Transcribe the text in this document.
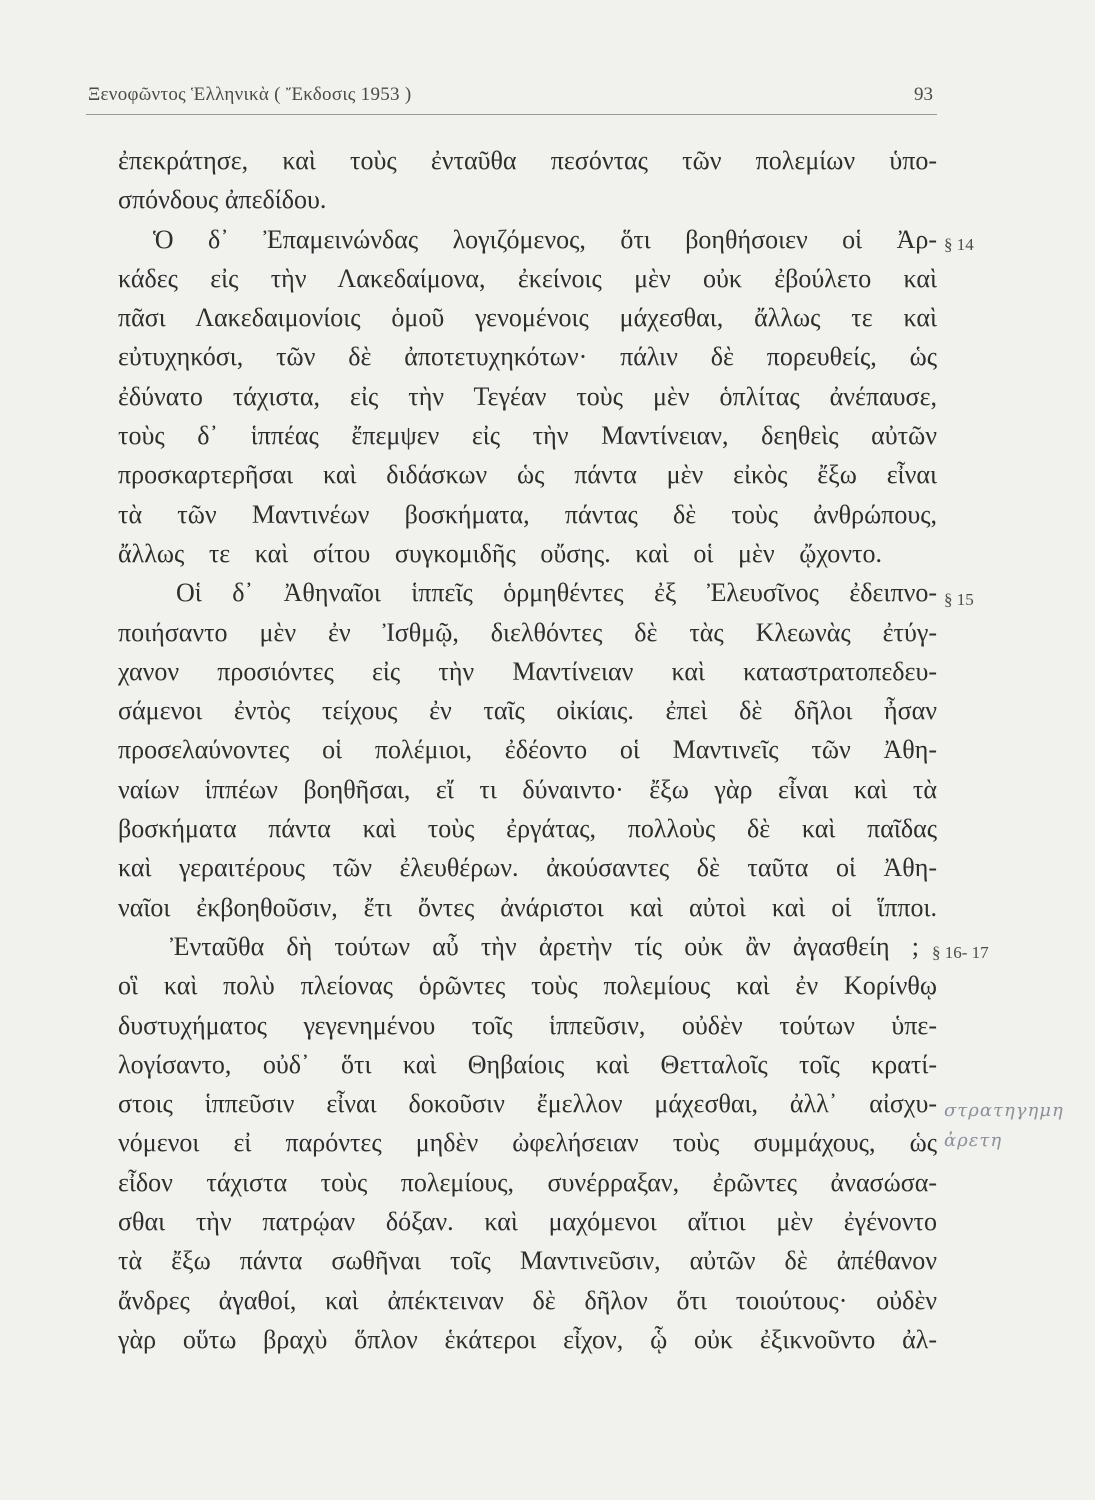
Ξενοφῶντος Ἑλληνικὰ ( Ἔκδοσις 1953 )	93
ἐπεκράτησε, καὶ τοὺς ἐνταῦθα πεσόντας τῶν πολεμίων ὑπο-
σπόνδους ἀπεδίδου.
Ὁ δ᾽ Ἐπαμεινώνδας λογιζόμενος, ὅτι βοηθήσοιεν οἱ Ἀρ-
κάδες εἰς τὴν Λακεδαίμονα, ἐκείνοις μὲν οὐκ ἐβούλετο καὶ
πᾶσι Λακεδαιμονίοις ὁμοῦ γενομένοις μάχεσθαι, ἄλλως τε καὶ
εὐτυχηκόσι, τῶν δὲ ἀποτετυχηκότων· πάλιν δὲ πορευθείς, ὡς
ἐδύνατο τάχιστα, εἰς τὴν Τεγέαν τοὺς μὲν ὁπλίτας ἀνέπαυσε,
τοὺς δ᾽ ἱππέας ἔπεμψεν εἰς τὴν Μαντίνειαν, δεηθεὶς αὐτῶν
προσκαρτερῆσαι καὶ διδάσκων ὡς πάντα μὲν εἰκὸς ἔξω εἶναι
τὰ τῶν Μαντινέων βοσκήματα, πάντας δὲ τοὺς ἀνθρώπους,
ἄλλως τε καὶ σίτου συγκομιδῆς οὔσης. καὶ οἱ μὲν ᾤχοντο.
Οἱ δ᾽ Ἀθηναῖοι ἱππεῖς ὁρμηθέντες ἐξ Ἐλευσῖνος ἐδειπνο-
ποιήσαντο μὲν ἐν Ἰσθμῷ, διελθόντες δὲ τὰς Κλεωνὰς ἐτύγ-
χανον προσιόντες εἰς τὴν Μαντίνειαν καὶ καταστρατοπεδευ-
σάμενοι ἐντὸς τείχους ἐν ταῖς οἰκίαις. ἐπεὶ δὲ δῆλοι ἦσαν
προσελαύνοντες οἱ πολέμιοι, ἐδέοντο οἱ Μαντινεῖς τῶν Ἀθη-
ναίων ἱππέων βοηθῆσαι, εἴ τι δύναιντο· ἔξω γὰρ εἶναι καὶ τὰ
βοσκήματα πάντα καὶ τοὺς ἐργάτας, πολλοὺς δὲ καὶ παῖδας
καὶ γεραιτέρους τῶν ἐλευθέρων. ἀκούσαντες δὲ ταῦτα οἱ Ἀθη-
ναῖοι ἐκβοηθοῦσιν, ἔτι ὄντες ἀνάριστοι καὶ αὐτοὶ καὶ οἱ ἵπποι.
Ἐνταῦθα δὴ τούτων αὖ τὴν ἀρετὴν τίς οὐκ ἂν ἀγασθείη ;
οἳ καὶ πολὺ πλείονας ὁρῶντες τοὺς πολεμίους καὶ ἐν Κορίνθῳ
δυστυχήματος γεγενημένου τοῖς ἱππεῦσιν, οὐδὲν τούτων ὑπε-
λογίσαντο, οὐδ᾽ ὅτι καὶ Θηβαίοις καὶ Θετταλοῖς τοῖς κρατί-
στοις ἱππεῦσιν εἶναι δοκοῦσιν ἔμελλον μάχεσθαι, ἀλλ᾽ αἰσχυ-
νόμενοι εἰ παρόντες μηδὲν ὠφελήσειαν τοὺς συμμάχους, ὡς
εἶδον τάχιστα τοὺς πολεμίους, συνέρραξαν, ἐρῶντες ἀνασώσα-
σθαι τὴν πατρῴαν δόξαν. καὶ μαχόμενοι αἴτιοι μὲν ἐγένοντο
τὰ ἔξω πάντα σωθῆναι τοῖς Μαντινεῦσιν, αὐτῶν δὲ ἀπέθανον
ἄνδρες ἀγαθοί, καὶ ἀπέκτειναν δὲ δῆλον ὅτι τοιούτους· οὐδὲν
γὰρ οὕτω βραχὺ ὅπλον ἑκάτεροι εἶχον, ᾧ οὐκ ἐξικνοῦντο ἀλ-
§ 14
§ 15
§ 16- 17
στρατηγημη
ἀρετη
